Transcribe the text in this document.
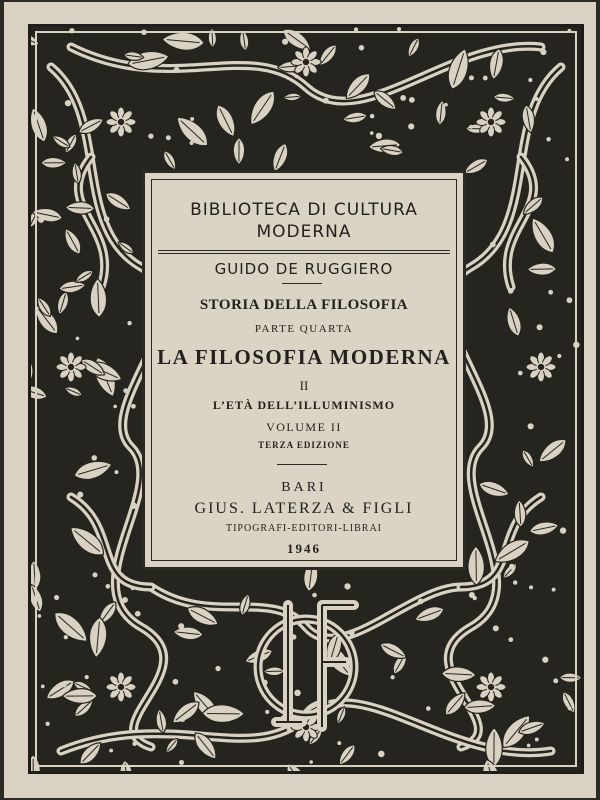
BIBLIOTECA DI CULTURA
MODERNA
GUIDO DE RUGGIERO
STORIA DELLA FILOSOFIA
PARTE QUARTA
LA FILOSOFIA MODERNA
II
L’ETÀ DELL’ILLUMINISMO
VOLUME II
TERZA EDIZIONE
BARI
GIUS. LATERZA & FIGLI
TIPOGRAFI-EDITORI-LIBRAI
1946
